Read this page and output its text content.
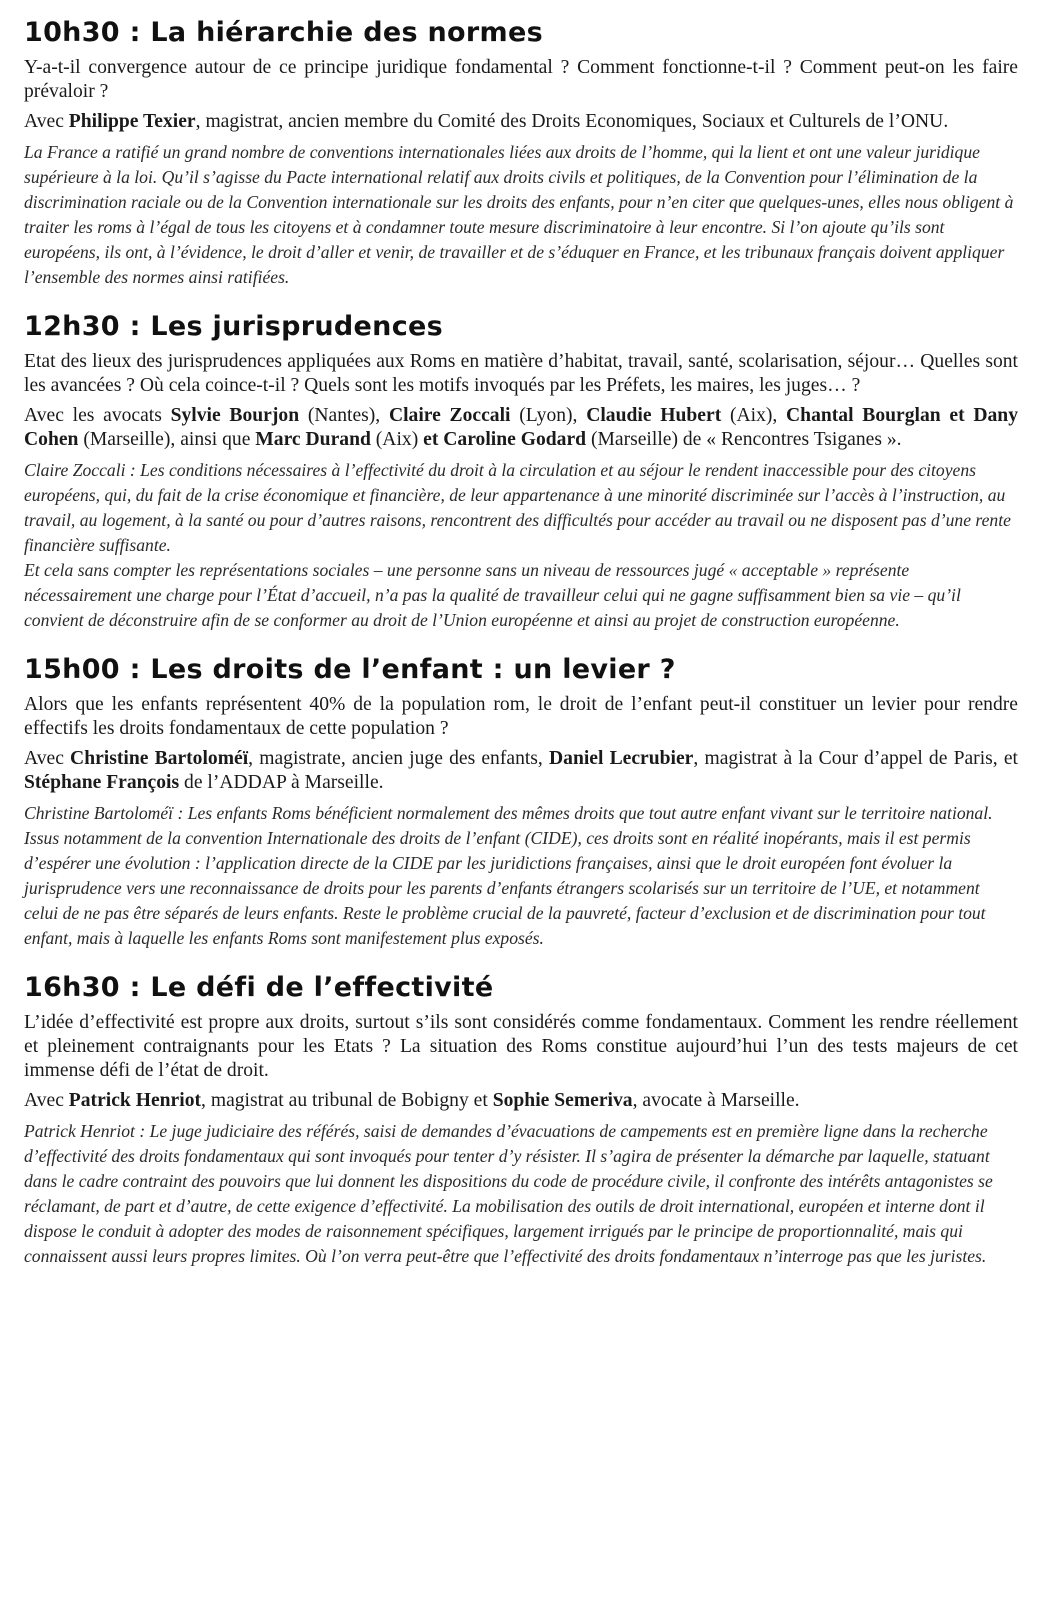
10h30 : La hiérarchie des normes

Y-a-t-il convergence autour de ce principe juridique fondamental ? Comment fonctionne-t-il ? Comment peut-on les faire prévaloir ?

Avec Philippe Texier, magistrat, ancien membre du Comité des Droits Economiques, Sociaux et Culturels de l’ONU.

La France a ratifié un grand nombre de conventions internationales liées aux droits de l’homme, qui la lient et ont une valeur juridique supérieure à la loi. Qu’il s’agisse du Pacte international relatif aux droits civils et politiques, de la Convention pour l’élimination de la discrimination raciale ou de la Convention internationale sur les droits des enfants, pour n’en citer que quelques-unes, elles nous obligent à traiter les roms à l’égal de tous les citoyens et à condamner toute mesure discriminatoire à leur encontre. Si l’on ajoute qu’ils sont européens, ils ont, à l’évidence, le droit d’aller et venir, de travailler et de s’éduquer en France, et les tribunaux français doivent appliquer l’ensemble des normes ainsi ratifiées.

12h30 : Les jurisprudences

Etat des lieux des jurisprudences appliquées aux Roms en matière d’habitat, travail, santé, scolarisation, séjour… Quelles sont les avancées ? Où cela coince-t-il ? Quels sont les motifs invoqués par les Préfets, les maires, les juges… ?

Avec les avocats Sylvie Bourjon (Nantes), Claire Zoccali (Lyon), Claudie Hubert (Aix), Chantal Bourglan et Dany Cohen (Marseille), ainsi que Marc Durand (Aix) et Caroline Godard (Marseille) de « Rencontres Tsiganes ».

Claire Zoccali : Les conditions nécessaires à l’effectivité du droit à la circulation et au séjour le rendent inaccessible pour des citoyens européens, qui, du fait de la crise économique et financière, de leur appartenance à une minorité discriminée sur l’accès à l’instruction, au travail, au logement, à la santé ou pour d’autres raisons, rencontrent des difficultés pour accéder au travail ou ne disposent pas d’une rente financière suffisante.

Et cela sans compter les représentations sociales – une personne sans un niveau de ressources jugé « acceptable » représente nécessairement une charge pour l’État d’accueil, n’a pas la qualité de travailleur celui qui ne gagne suffisamment bien sa vie – qu’il convient de déconstruire afin de se conformer au droit de l’Union européenne et ainsi au projet de construction européenne.

15h00 : Les droits de l’enfant : un levier ?

Alors que les enfants représentent 40% de la population rom, le droit de l’enfant peut-il constituer un levier pour rendre effectifs les droits fondamentaux de cette population ?

Avec Christine Bartoloméï, magistrate, ancien juge des enfants, Daniel Lecrubier, magistrat à la Cour d’appel de Paris, et Stéphane François de l’ADDAP à Marseille.

Christine Bartoloméï : Les enfants Roms bénéficient normalement des mêmes droits que tout autre enfant vivant sur le territoire national. Issus notamment de la convention Internationale des droits de l’enfant (CIDE), ces droits sont en réalité inopérants, mais il est permis d’espérer une évolution : l’application directe de la CIDE par les juridictions françaises, ainsi que le droit européen font évoluer la jurisprudence vers une reconnaissance de droits pour les parents d’enfants étrangers scolarisés sur un territoire de l’UE, et notamment celui de ne pas être séparés de leurs enfants. Reste le problème crucial de la pauvreté, facteur d’exclusion et de discrimination pour tout enfant, mais à laquelle les enfants Roms sont manifestement plus exposés.

16h30 : Le défi de l’effectivité

L’idée d’effectivité est propre aux droits, surtout s’ils sont considérés comme fondamentaux. Comment les rendre réellement et pleinement contraignants pour les Etats ? La situation des Roms constitue aujourd’hui l’un des tests majeurs de cet immense défi de l’état de droit.

Avec Patrick Henriot, magistrat au tribunal de Bobigny et Sophie Semeriva, avocate à Marseille.

Patrick Henriot : Le juge judiciaire des référés, saisi de demandes d’évacuations de campements est en première ligne dans la recherche d’effectivité des droits fondamentaux qui sont invoqués pour tenter d’y résister. Il s’agira de présenter la démarche par laquelle, statuant dans le cadre contraint des pouvoirs que lui donnent les dispositions du code de procédure civile, il confronte des intérêts antagonistes se réclamant, de part et d’autre, de cette exigence d’effectivité. La mobilisation des outils de droit international, européen et interne dont il dispose le conduit à adopter des modes de raisonnement spécifiques, largement irrigués par le principe de proportionnalité, mais qui connaissent aussi leurs propres limites. Où l’on verra peut-être que l’effectivité des droits fondamentaux n’interroge pas que les juristes.
